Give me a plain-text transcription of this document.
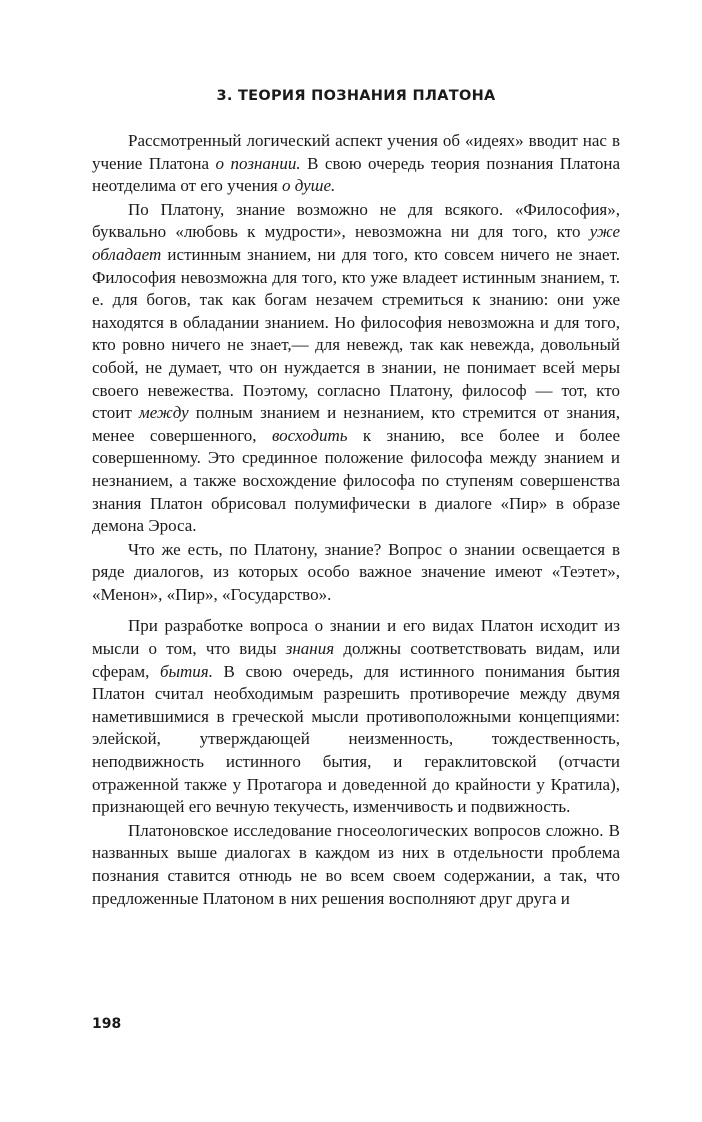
3. ТЕОРИЯ ПОЗНАНИЯ ПЛАТОНА

Рассмотренный логический аспект учения об «идеях» вводит нас в учение Платона о познании. В свою очередь теория познания Платона неотделима от его учения о душе.

По Платону, знание возможно не для всякого. «Философия», буквально «любовь к мудрости», невозможна ни для того, кто уже обладает истинным знанием, ни для того, кто совсем ничего не знает. Философия невозможна для того, кто уже владеет истинным знанием, т. е. для богов, так как богам незачем стремиться к знанию: они уже находятся в обладании знанием. Но философия невозможна и для того, кто ровно ничего не знает,— для невежд, так как невежда, довольный собой, не думает, что он нуждается в знании, не понимает всей меры своего невежества. Поэтому, согласно Платону, философ — тот, кто стоит между полным знанием и незнанием, кто стремится от знания, менее совершенного, восходить к знанию, все более и более совершенному. Это срединное положение философа между знанием и незнанием, а также восхождение философа по ступеням совершенства знания Платон обрисовал полумифически в диалоге «Пир» в образе демона Эроса.

Что же есть, по Платону, знание? Вопрос о знании освещается в ряде диалогов, из которых особо важное значение имеют «Теэтет», «Менон», «Пир», «Государство».

При разработке вопроса о знании и его видах Платон исходит из мысли о том, что виды знания должны соответствовать видам, или сферам, бытия. В свою очередь, для истинного понимания бытия Платон считал необходимым разрешить противоречие между двумя наметившимися в греческой мысли противоположными концепциями: элейской, утверждающей неизменность, тождественность, неподвижность истинного бытия, и гераклитовской (отчасти отраженной также у Протагора и доведенной до крайности у Кратила), признающей его вечную текучесть, изменчивость и подвижность.

Платоновское исследование гносеологических вопросов сложно. В названных выше диалогах в каждом из них в отдельности проблема познания ставится отнюдь не во всем своем содержании, а так, что предложенные Платоном в них решения восполняют друг друга и

198
